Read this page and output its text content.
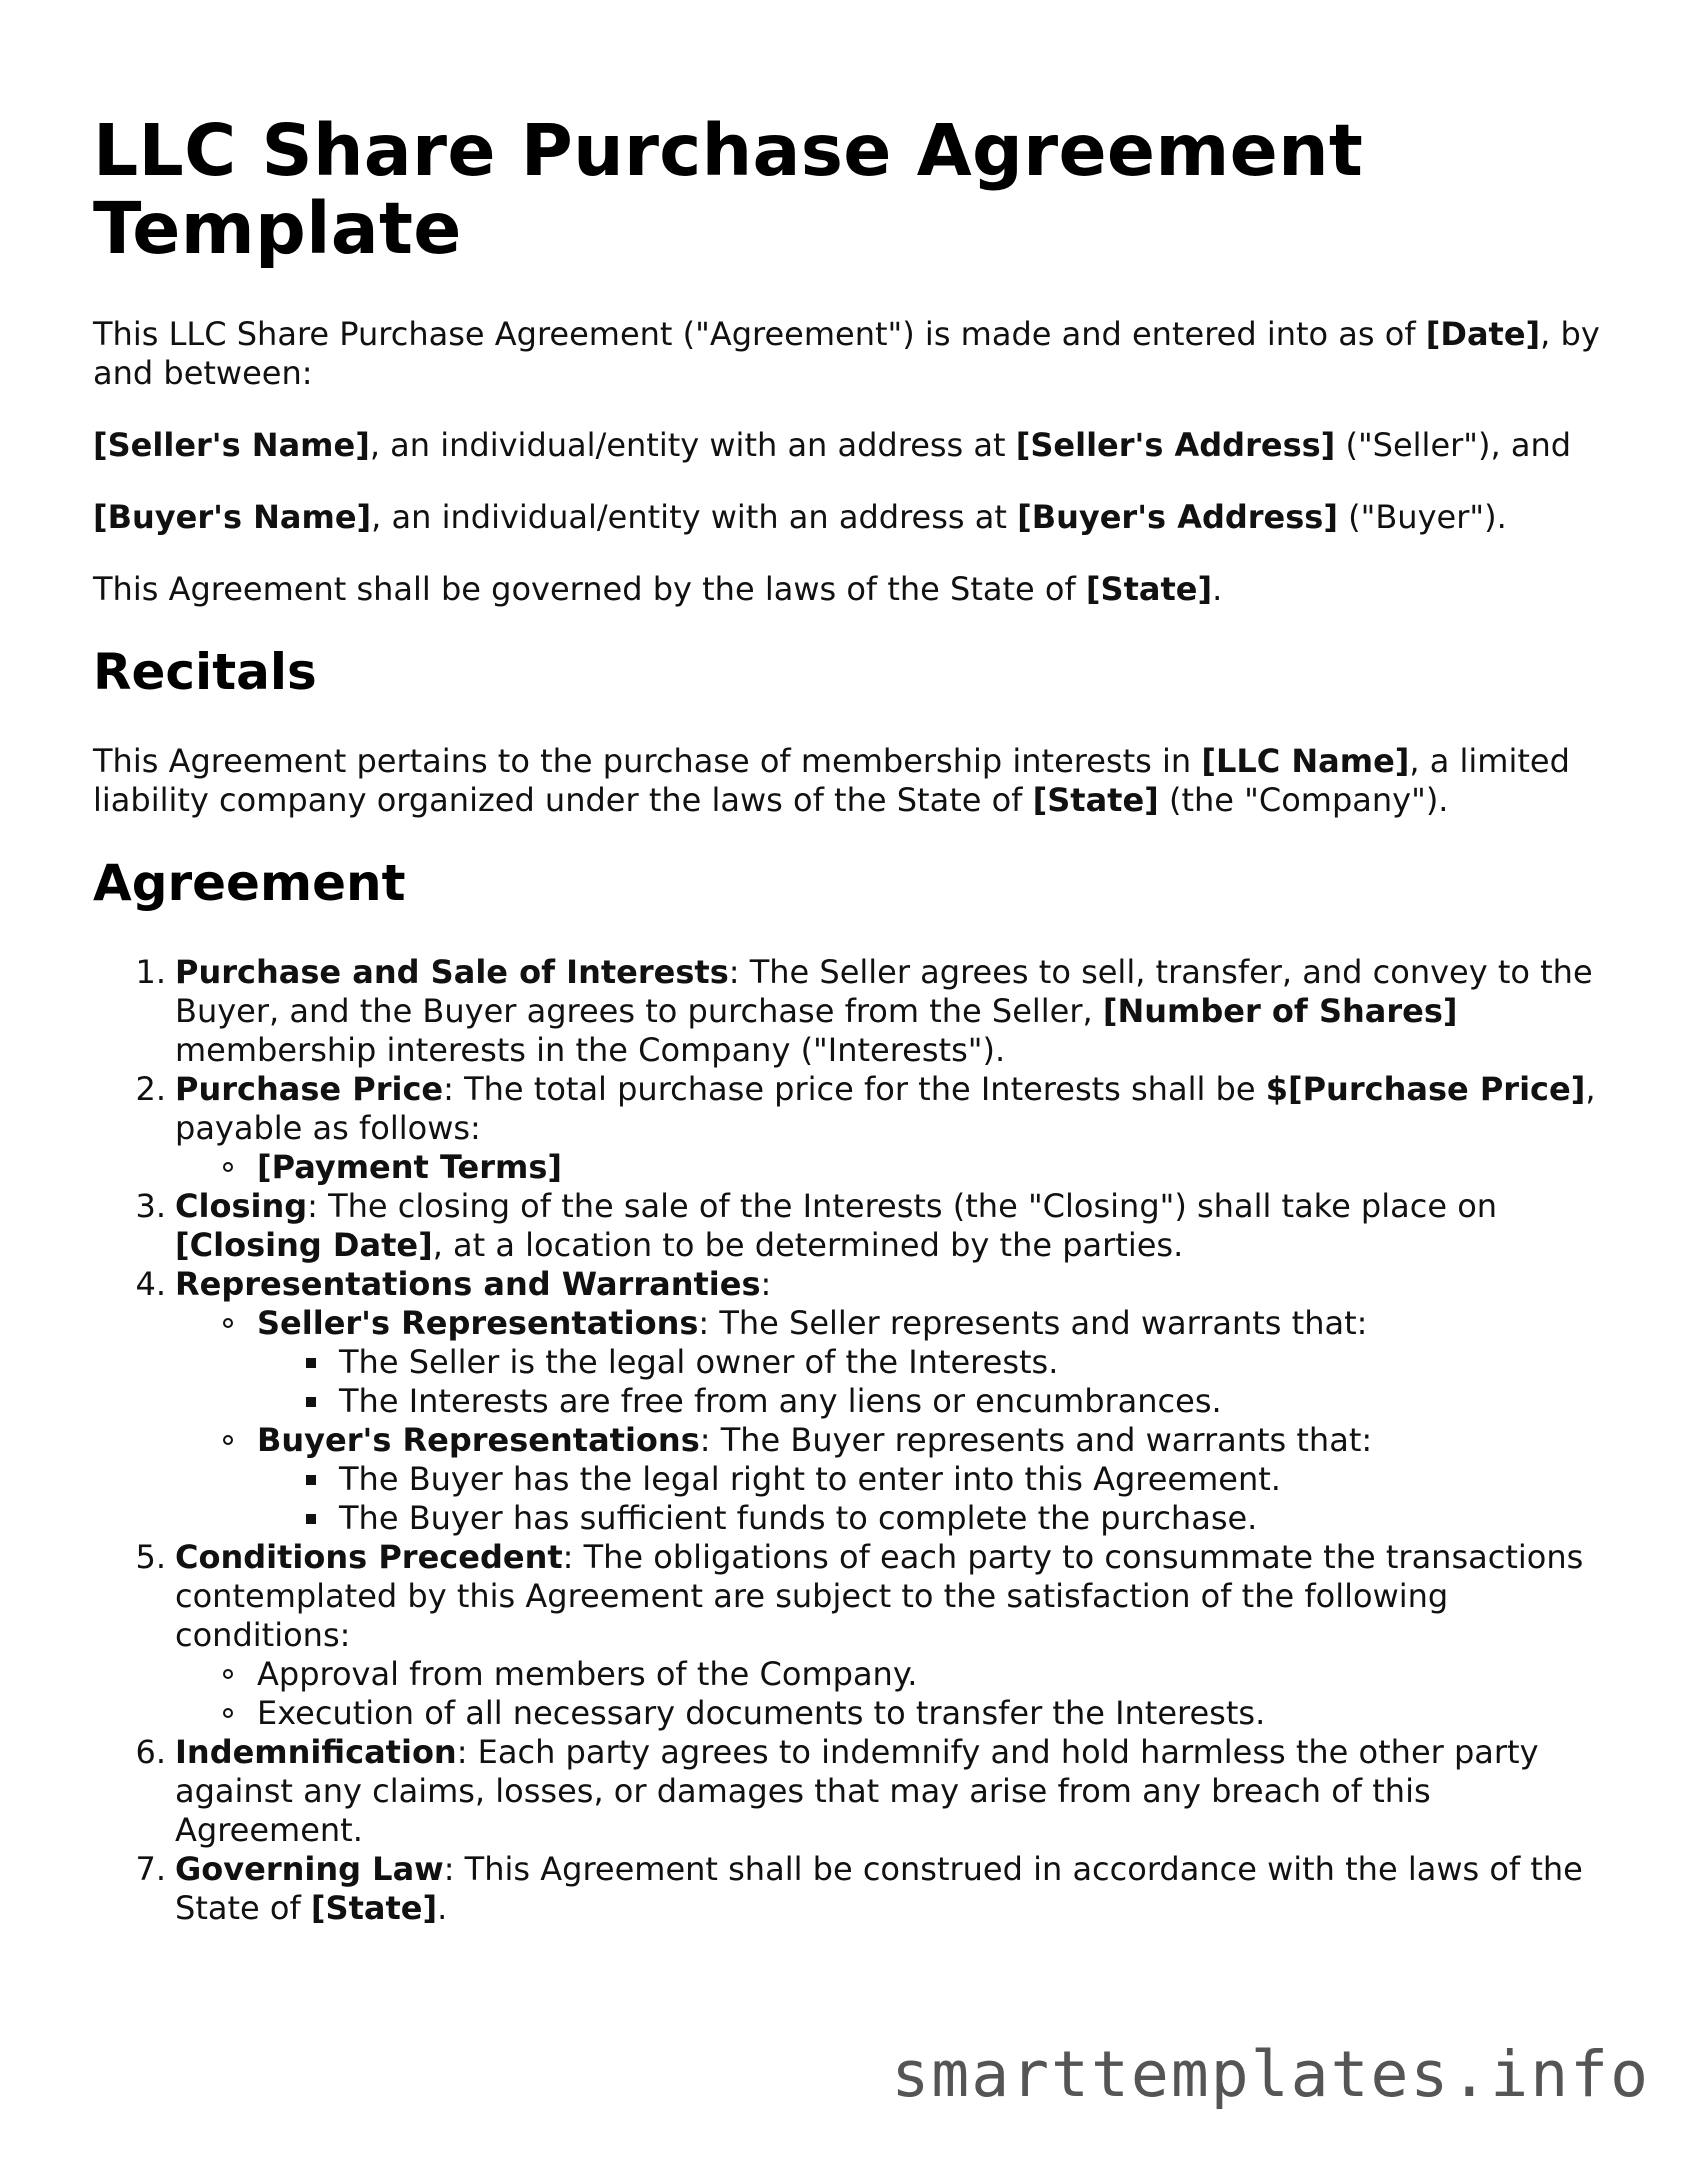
LLC Share Purchase Agreement Template

This LLC Share Purchase Agreement ("Agreement") is made and entered into as of [Date], by and between:

[Seller's Name], an individual/entity with an address at [Seller's Address] ("Seller"), and

[Buyer's Name], an individual/entity with an address at [Buyer's Address] ("Buyer").

This Agreement shall be governed by the laws of the State of [State].

Recitals

This Agreement pertains to the purchase of membership interests in [LLC Name], a limited liability company organized under the laws of the State of [State] (the "Company").

Agreement
1. Purchase and Sale of Interests: The Seller agrees to sell, transfer, and convey to the Buyer, and the Buyer agrees to purchase from the Seller, [Number of Shares] membership interests in the Company ("Interests").
2. Purchase Price: The total purchase price for the Interests shall be $[Purchase Price], payable as follows:
[Payment Terms]
3. Closing: The closing of the sale of the Interests (the "Closing") shall take place on [Closing Date], at a location to be determined by the parties.
4. Representations and Warranties:
Seller's Representations: The Seller represents and warrants that:
The Seller is the legal owner of the Interests.
The Interests are free from any liens or encumbrances.
Buyer's Representations: The Buyer represents and warrants that:
The Buyer has the legal right to enter into this Agreement.
The Buyer has sufficient funds to complete the purchase.
5. Conditions Precedent: The obligations of each party to consummate the transactions contemplated by this Agreement are subject to the satisfaction of the following conditions:
Approval from members of the Company.
Execution of all necessary documents to transfer the Interests.
6. Indemnification: Each party agrees to indemnify and hold harmless the other party against any claims, losses, or damages that may arise from any breach of this Agreement.
7. Governing Law: This Agreement shall be construed in accordance with the laws of the State of [State].
smarttemplates.info
